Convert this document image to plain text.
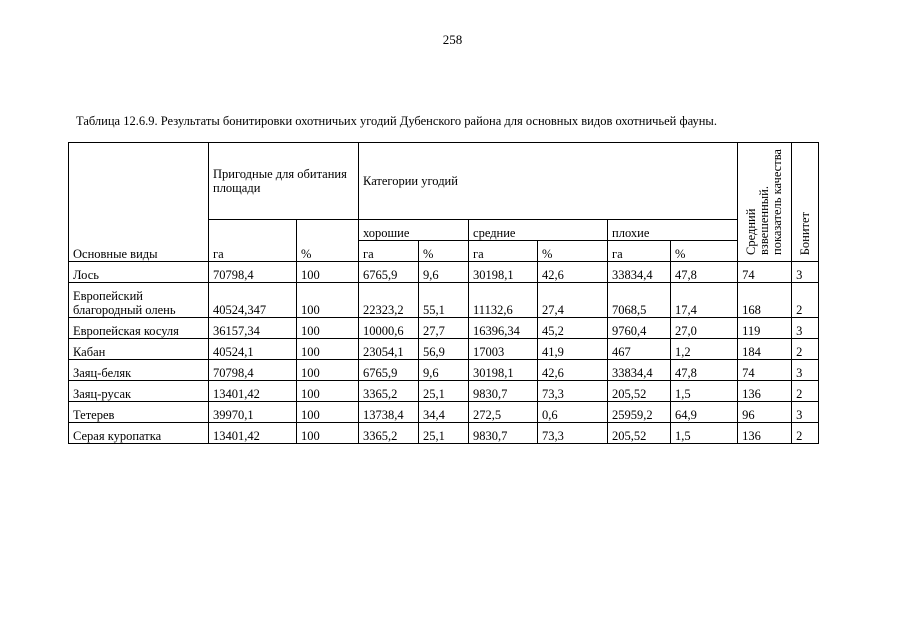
258
Таблица 12.6.9. Результаты бонитировки охотничьих угодий Дубенского района для основных видов охотничьей фауны.
Основные виды	Пригодные для обитания площади		Категории угодий						Средний взвешенный. показатель качества	Бонитет
	га	%	хорошие		средние		плохие			
			га	%	га	%	га	%		
Лось	70798,4	100	6765,9	9,6	30198,1	42,6	33834,4	47,8	74	3
Европейский благородный олень	40524,347	100	22323,2	55,1	11132,6	27,4	7068,5	17,4	168	2
Европейская косуля	36157,34	100	10000,6	27,7	16396,34	45,2	9760,4	27,0	119	3
Кабан	40524,1	100	23054,1	56,9	17003	41,9	467	1,2	184	2
Заяц-беляк	70798,4	100	6765,9	9,6	30198,1	42,6	33834,4	47,8	74	3
Заяц-русак	13401,42	100	3365,2	25,1	9830,7	73,3	205,52	1,5	136	2
Тетерев	39970,1	100	13738,4	34,4	272,5	0,6	25959,2	64,9	96	3
Серая куропатка	13401,42	100	3365,2	25,1	9830,7	73,3	205,52	1,5	136	2
